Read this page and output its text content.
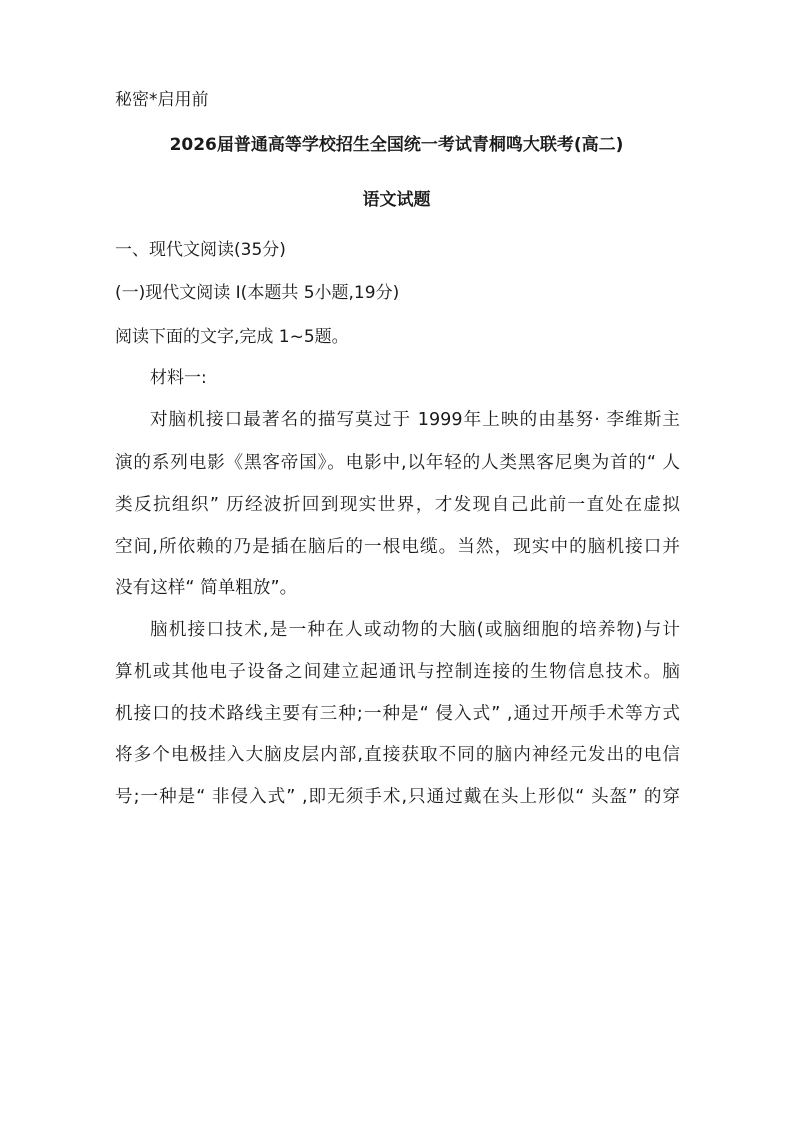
秘密*启用前
2026届普通高等学校招生全国统一考试青桐鸣大联考(高二)
语文试题
一、现代文阅读(35分)
(一)现代文阅读 Ⅰ(本题共 5小题,19分)
阅读下面的文字,完成 1~5题。
材料一:
对脑机接口最著名的描写莫过于 1999年上映的由基努· 李维斯主
演的系列电影《黑客帝国》。电影中,以年轻的人类黑客尼奥为首的“ 人
类反抗组织” 历经波折回到现实世界，才发现自己此前一直处在虚拟
空间,所依赖的乃是插在脑后的一根电缆。当然，现实中的脑机接口并
没有这样“ 简单粗放”。
脑机接口技术,是一种在人或动物的大脑(或脑细胞的培养物)与计
算机或其他电子设备之间建立起通讯与控制连接的生物信息技术。脑
机接口的技术路线主要有三种;一种是“ 侵入式” ,通过开颅手术等方式
将多个电极挂入大脑皮层内部,直接获取不同的脑内神经元发出的电信
号;一种是“ 非侵入式” ,即无须手术,只通过戴在头上形似“ 头盔” 的穿
